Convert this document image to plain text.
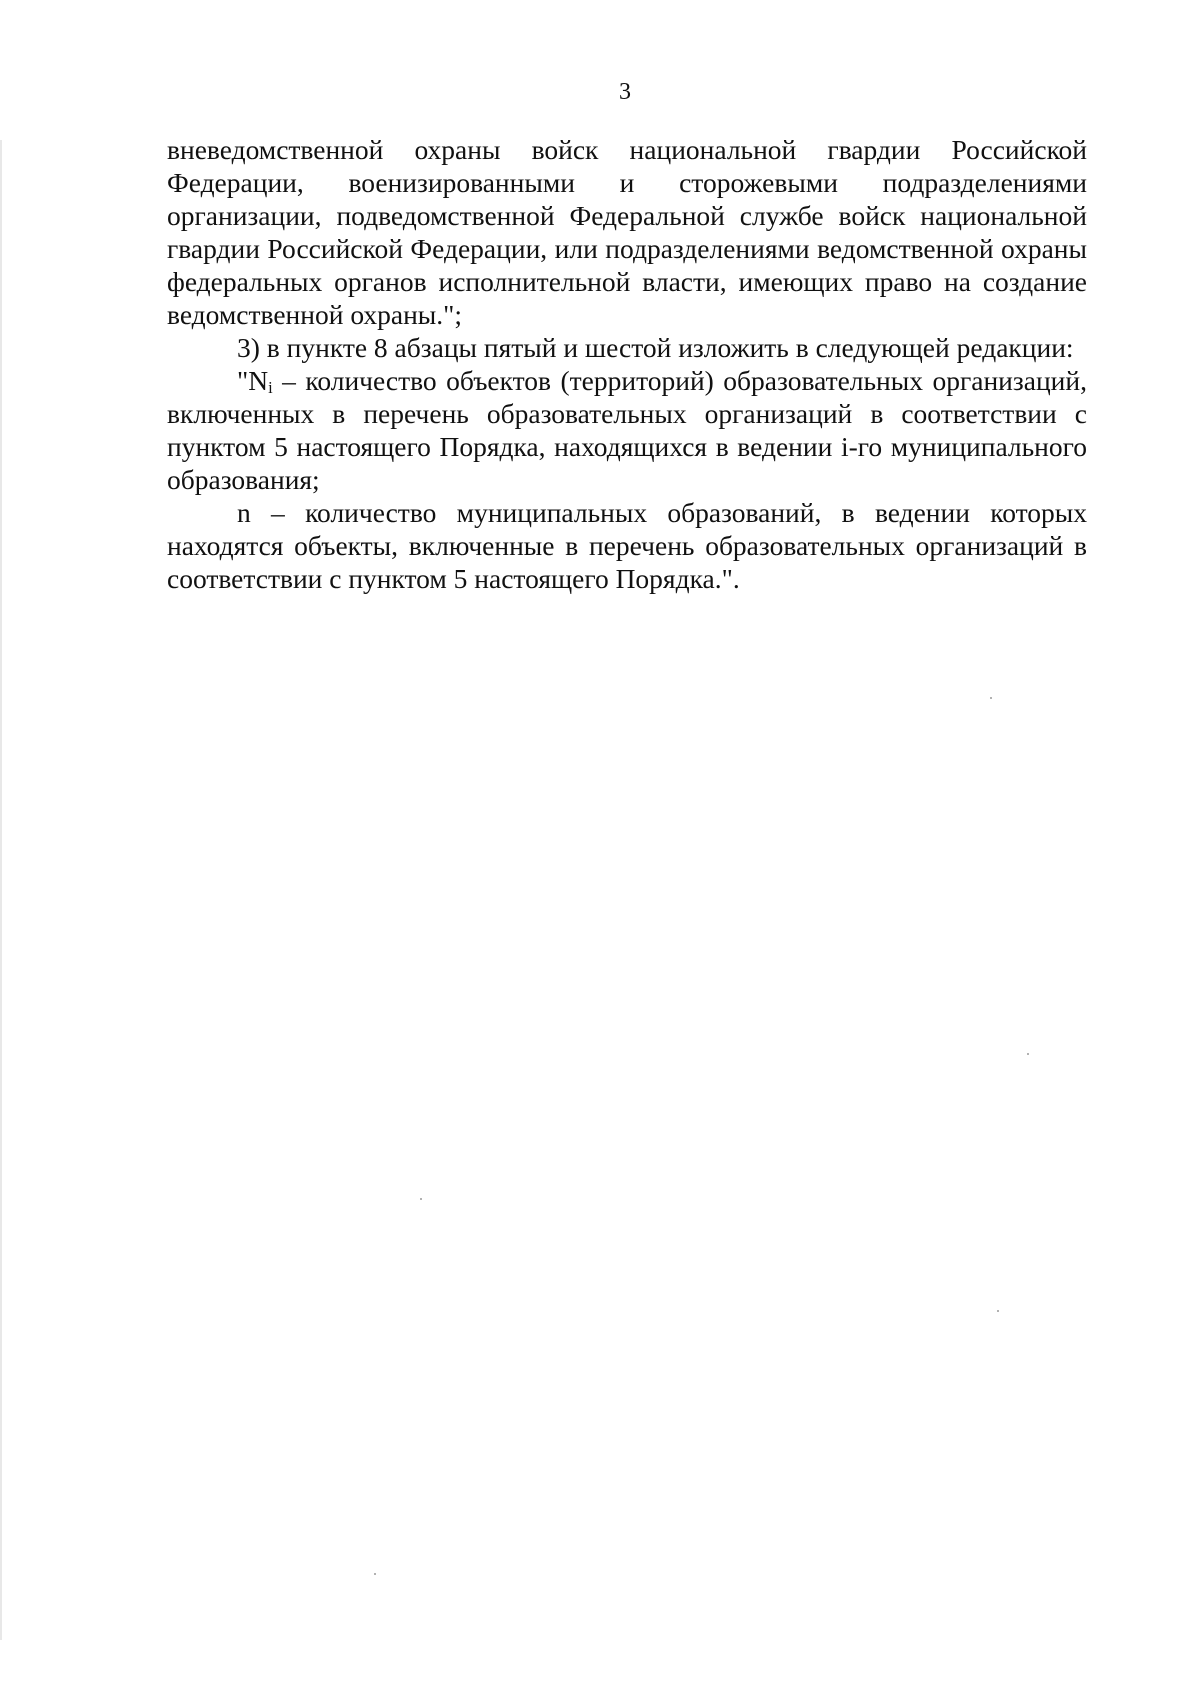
3

вневедомственной охраны войск национальной гвардии Российской Федерации, военизированными и сторожевыми подразделениями организации, подведомственной Федеральной службе войск национальной гвардии Российской Федерации, или подразделениями ведомственной охраны федеральных органов исполнительной власти, имеющих право на создание ведомственной охраны.";

3) в пункте 8 абзацы пятый и шестой изложить в следующей редакции:

"$N_i$ – количество объектов (территорий) образовательных организаций, включенных в перечень образовательных организаций в соответствии с пунктом 5 настоящего Порядка, находящихся в ведении i-го муниципального образования;

n – количество муниципальных образований, в ведении которых находятся объекты, включенные в перечень образовательных организаций в соответствии с пунктом 5 настоящего Порядка.".
